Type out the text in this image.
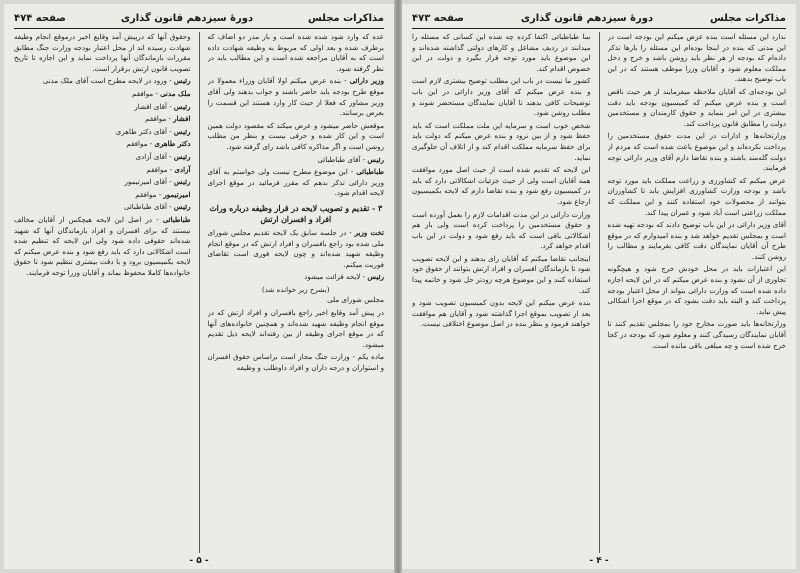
مذاکرات مجلس
دورهٔ سیزدهم قانون گذاری
صفحه ۴۷۴

عده که وارد شود شده شده است و بار مدر دو اضاف که برطرف شده و بعد اولی که مربوط به وظیفه شهادت داده است که به آقایان مراجعه شده است و این مطالب باید در نظر گرفته شود.

وزیر دارائی - بنده عرض میکنم اولا آقایان وزراء معمولا در موقع طرح بودجه باید حاضر باشند و جواب بدهند ولی آقای وزیر مشاور که فعلا از حیث کار وارد هستند این قسمت را بعرض برسانند.

موقعش حاضر میشود و عرض میکند که مقصود دولت همین است و این کار شده و حرفی نیست و بنظر من مطلب روشن است و اگر مذاکره کافی باشد رای گرفته شود.

رئیس - آقای طباطبائی

طباطبائی - این موضوع مطرح نیست ولی خواستم به آقای وزیر دارائی تذکر بدهم که مقرر فرمائید در موقع اجرای لایحه اقدام شود.

۳ - تقدیم و تصویب لایحه در قرار وظیفه درباره وراث افراد و افسران ارتش

تخت وزیر - در جلسه سابق یک لایحه تقدیم مجلس شورای ملی شده بود راجع بافسران و افراد ارتش که در موقع انجام وظیفه شهید شده‌اند و چون لایحه فوری است تقاضای فوریت میکنم.

رئیس - لایحه قرائت میشود

(بشرح زیر خوانده شد)

مجلس شورای ملی

در پیش آمد وقایع اخیر راجع بافسران و افراد ارتش که در موقع انجام وظیفه شهید شده‌اند و همچنین خانواده‌های آنها که در موقع اجرای وظیفه از بین رفته‌اند لایحه ذیل تقدیم میشود.

ماده یکم - وزارت جنگ مجاز است براساس حقوق افسران و استواران و درجه داران و افراد داوطلب و وظیفه

وحقوق آنها که درپیش آمد وقایع اخیر درموقع انجام وظیفه شهادت رسیده اند از محل اعتبار بودجه وزارت جنگ مطابق مقررات بازماندگان آنها پرداخت نماید و این اجازه تا تاریخ تصویب قانون ارتش برقرار است.

رئیس - ورود در لایحه مطرح است آقای ملک مدنی

ملک مدنی - موافقم

رئیس - آقای افشار

افشار - موافقم

رئیس - آقای دکتر طاهری

دکتر طاهری - موافقم

رئیس - آقای آزادی

آزادی - موافقم

رئیس - آقای امیرتیمور

امیرتیمور - موافقم

رئیس - آقای طباطبائی

طباطبائی - در اصل این لایحه هیچکس از آقایان مخالف نیستند که برای افسران و افراد بازماندگان آنها که شهید شده‌اند حقوقی داده شود ولی این لایحه که تنظیم شده است اشکالاتی دارد که باید رفع شود و بنده عرض میکنم که لایحه بکمیسیون برود و با دقت بیشتری تنظیم شود تا حقوق خانواده‌ها کاملا محفوظ بماند و آقایان وزرا توجه فرمایند.

- ۵ -
مذاکرات مجلس
دورهٔ سیزدهم قانون گذاری
صفحه ۴۷۳

ندارد این مسئله است بنده عرض میکنم این بودجه است در این مدتی که بنده در اینجا بوده‌ام این مسئله را بارها تذکر داده‌ام که بودجه از هر نظر باید روشن باشد و خرج و دخل مملکت معلوم شود و آقایان وزرا موظف هستند که در این باب توضیح بدهند.

این بودجه‌ای که آقایان ملاحظه میفرمایند از هر حیث ناقص است و بنده عرض میکنم که کمیسیون بودجه باید دقت بیشتری در این امر بنماید و حقوق کارمندان و مستخدمین دولت را مطابق قانون پرداخت کند.

وزارتخانه‌ها و ادارات در این مدت حقوق مستخدمین را پرداخت نکرده‌اند و این موضوع باعث شده است که مردم از دولت گله‌مند باشند و بنده تقاضا دارم آقای وزیر دارائی توجه فرمایند.

عرض میکنم که کشاورزی و زراعت مملکت باید مورد توجه باشد و بودجه وزارت کشاورزی افزایش یابد تا کشاورزان بتوانند از محصولات خود استفاده کنند و این مملکت که مملکت زراعتی است آباد شود و عمران پیدا کند.

آقای وزیر دارائی در این باب توضیح دادند که بودجه تهیه شده است و بمجلس تقدیم خواهد شد و بنده امیدوارم که در موقع طرح آن آقایان نمایندگان دقت کافی بفرمایند و مطالب را روشن کنند.

این اعتبارات باید در محل خودش خرج شود و هیچگونه تجاوزی از آن نشود و بنده عرض میکنم که در این لایحه اجازه داده شده است که وزارت دارائی بتواند از محل اعتبار بودجه پرداخت کند و البته باید دقت بشود که در موقع اجرا اشکالی پیش نیاید.

وزارتخانه‌ها باید صورت مخارج خود را بمجلس تقدیم کنند تا آقایان نمایندگان رسیدگی کنند و معلوم شود که بودجه در کجا خرج شده است و چه مبلغی باقی مانده است.

سا طباطبائی اکتفا کرده چه شده این کسانی که مسئله را میدانند در ردیف مشاغل و کارهای دولتی گذاشته شده‌اند و این موضوع باید مورد توجه قرار بگیرد و دولت در این خصوص اقدام کند.

کشور ما نیست در باب این مطلب توضیح بیشتری لازم است و بنده عرض میکنم که آقای وزیر دارائی در این باب توضیحات کافی بدهند تا آقایان نمایندگان مستحضر شوند و مطلب روشن شود.

شخص خوب است و سرمایه این ملت مملکت است که باید حفظ شود و از بین نرود و بنده عرض میکنم که دولت باید برای حفظ سرمایه مملکت اقدام کند و از اتلاف آن جلوگیری نماید.

این لایحه که تقدیم شده است از حیث اصل مورد موافقت همه آقایان است ولی از حیث جزئیات اشکالاتی دارد که باید در کمیسیون رفع شود و بنده تقاضا دارم که لایحه بکمیسیون ارجاع شود.

وزارت دارائی در این مدت اقدامات لازم را بعمل آورده است و حقوق مستخدمین را پرداخت کرده است ولی باز هم اشکالاتی باقی است که باید رفع شود و دولت در این باب اقدام خواهد کرد.

اینجانب تقاضا میکنم که آقایان رای بدهند و این لایحه تصویب شود تا بازماندگان افسران و افراد ارتش بتوانند از حقوق خود استفاده کنند و این موضوع هرچه زودتر حل شود و خاتمه پیدا کند.

بنده عرض میکنم این لایحه بدون کمیسیون تصویب شود و بعد از تصویب بموقع اجرا گذاشته شود و آقایان هم موافقت خواهند فرمود و بنظر بنده در اصل موضوع اختلافی نیست.

- ۴ -
